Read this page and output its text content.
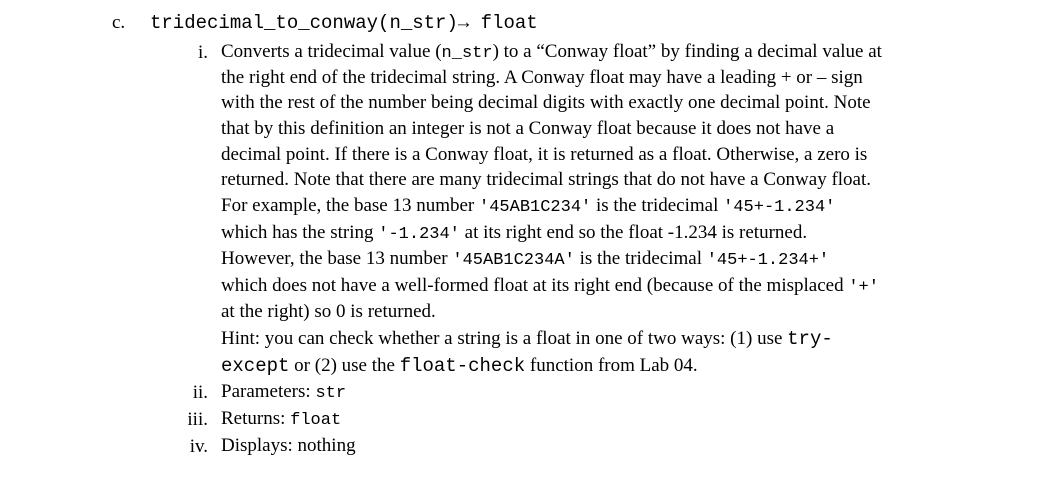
c. tridecimal_to_conway(n_str)→ float
i. Converts a tridecimal value (n_str) to a “Conway float” by finding a decimal value at
the right end of the tridecimal string. A Conway float may have a leading + or – sign
with the rest of the number being decimal digits with exactly one decimal point. Note
that by this definition an integer is not a Conway float because it does not have a
decimal point. If there is a Conway float, it is returned as a float. Otherwise, a zero is
returned. Note that there are many tridecimal strings that do not have a Conway float.
For example, the base 13 number '45AB1C234' is the tridecimal '45+-1.234'
which has the string '-1.234' at its right end so the float -1.234 is returned.
However, the base 13 number '45AB1C234A' is the tridecimal '45+-1.234+'
which does not have a well-formed float at its right end (because of the misplaced '+'
at the right) so 0 is returned.
Hint: you can check whether a string is a float in one of two ways: (1) use try-
except or (2) use the float-check function from Lab 04.
ii. Parameters: str
iii. Returns: float
iv. Displays: nothing
